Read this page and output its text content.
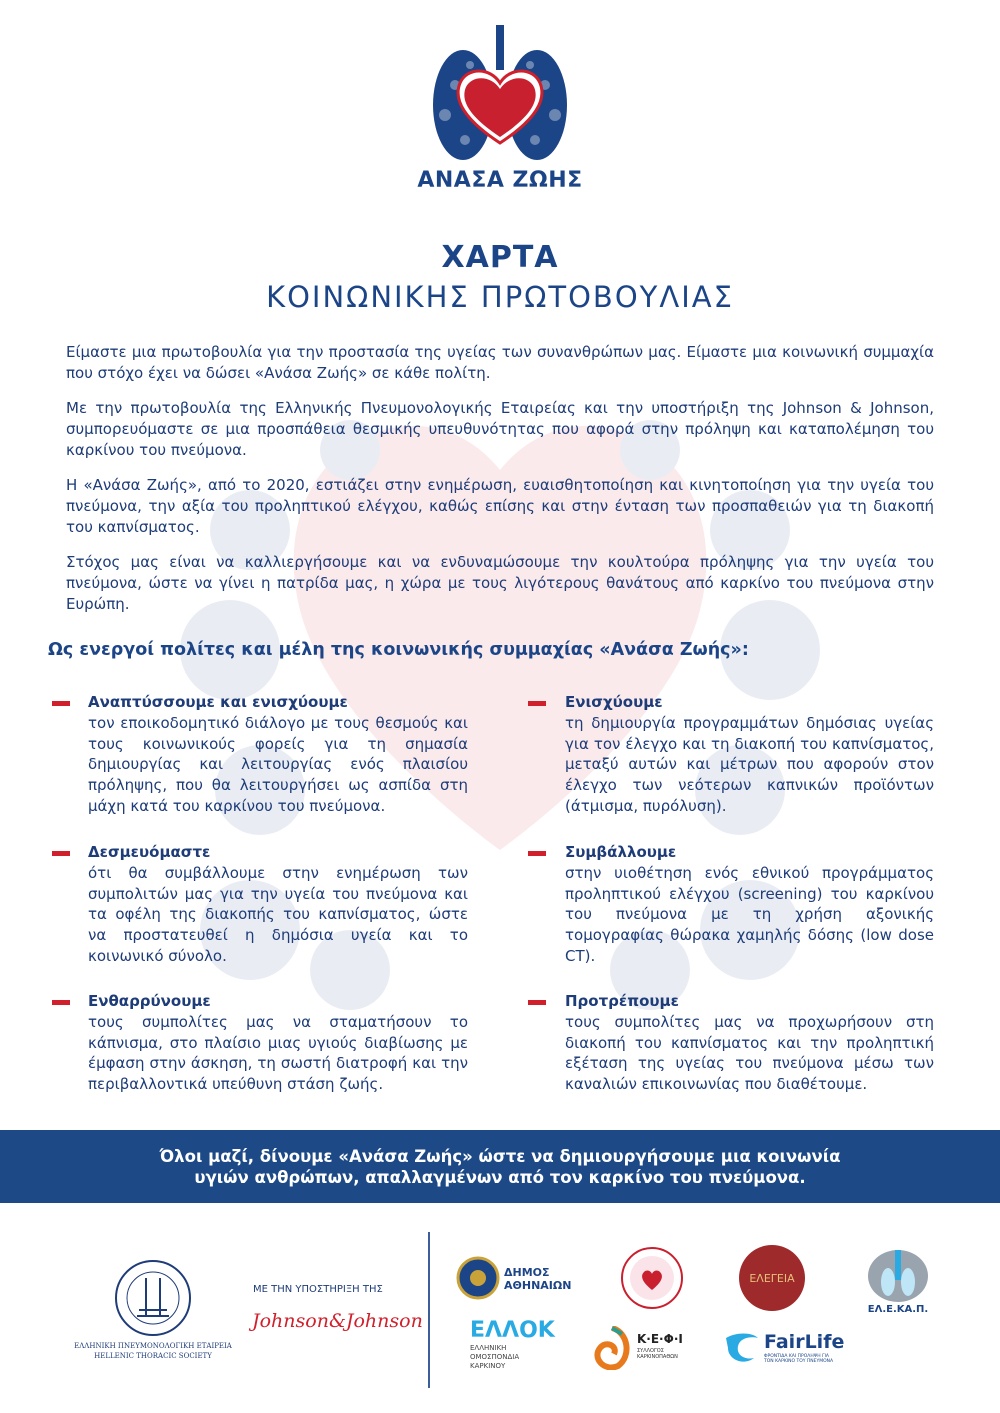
ΑΝΑΣΑ ΖΩΗΣ
ΧΑΡΤΑ
ΚΟΙΝΩΝΙΚΗΣ ΠΡΩΤΟΒΟΥΛΙΑΣ

Είμαστε μια πρωτοβουλία για την προστασία της υγείας των συνανθρώπων μας. Είμαστε μια κοινωνική συμμαχία που στόχο έχει να δώσει «Ανάσα Ζωής» σε κάθε πολίτη.

Με την πρωτοβουλία της Ελληνικής Πνευμονολογικής Εταιρείας και την υποστήριξη της Johnson & Johnson, συμπορευόμαστε σε μια προσπάθεια θεσμικής υπευθυνότητας που αφορά στην πρόληψη και καταπολέμηση του καρκίνου του πνεύμονα.

Η «Ανάσα Ζωής», από το 2020, εστιάζει στην ενημέρωση, ευαισθητοποίηση και κινητοποίηση για την υγεία του πνεύμονα, την αξία του προληπτικού ελέγχου, καθώς επίσης και στην ένταση των προσπαθειών για τη διακοπή του καπνίσματος.

Στόχος μας είναι να καλλιεργήσουμε και να ενδυναμώσουμε την κουλτούρα πρόληψης για την υγεία του πνεύμονα, ώστε να γίνει η πατρίδα μας, η χώρα με τους λιγότερους θανάτους από καρκίνο του πνεύμονα στην Ευρώπη.

Ως ενεργοί πολίτες και μέλη της κοινωνικής συμμαχίας «Ανάσα Ζωής»:
Αναπτύσσουμε και ενισχύουμε
τον εποικοδομητικό διάλογο με τους θεσμούς και τους κοινωνικούς φορείς για τη σημασία δημιουργίας και λειτουργίας ενός πλαισίου πρόληψης, που θα λειτουργήσει ως ασπίδα στη μάχη κατά του καρκίνου του πνεύμονα.
Ενισχύουμε
τη δημιουργία προγραμμάτων δημόσιας υγείας για τον έλεγχο και τη διακοπή του καπνίσματος, μεταξύ αυτών και μέτρων που αφορούν στον έλεγχο των νεότερων καπνικών προϊόντων (άτμισμα, πυρόλυση).
Δεσμευόμαστε
ότι θα συμβάλλουμε στην ενημέρωση των συμπολιτών μας για την υγεία του πνεύμονα και τα οφέλη της διακοπής του καπνίσματος, ώστε να προστατευθεί η δημόσια υγεία και το κοινωνικό σύνολο.
Συμβάλλουμε
στην υιοθέτηση ενός εθνικού προγράμματος προληπτικού ελέγχου (screening) του καρκίνου του πνεύμονα με τη χρήση αξονικής τομογραφίας θώρακα χαμηλής δόσης (low dose CT).
Ενθαρρύνουμε
τους συμπολίτες μας να σταματήσουν το κάπνισμα, στο πλαίσιο μιας υγιούς διαβίωσης με έμφαση στην άσκηση, τη σωστή διατροφή και την περιβαλλοντικά υπεύθυνη στάση ζωής.
Προτρέπουμε
τους συμπολίτες μας να προχωρήσουν στη διακοπή του καπνίσματος και την προληπτική εξέταση της υγείας του πνεύμονα μέσω των καναλιών επικοινωνίας που διαθέτουμε.
Όλοι μαζί, δίνουμε «Ανάσα Ζωής» ώστε να δημιουργήσουμε μια κοινωνία
υγιών ανθρώπων, απαλλαγμένων από τον καρκίνο του πνεύμονα.
ΕΛΛΗΝΙΚΗ ΠΝΕΥΜΟΝΟΛΟΓΙΚΗ ΕΤΑΙΡΕΙΑ
HELLENIC THORACIC SOCIETY
ΜΕ ΤΗΝ ΥΠΟΣΤΗΡΙΞΗ ΤΗΣ
Johnson&Johnson
ΔΗΜΟΣ ΑΘΗΝΑΙΩΝ
ΕΛΛΟΚ
ΕΛΛΗΝΙΚΗ ΟΜΟΣΠΟΝΔΙΑ ΚΑΡΚΙΝΟΥ
ΕΛΕΓΕΙΑ
ΕΛ.Ε.ΚΑ.Π.
Κ·Ε·Φ·Ι
ΣΥΛΛΟΓΟΣ ΚΑΡΚΙΝΟΠΑΘΩΝ
FairLife
ΦΡΟΝΤΙΔΑ ΚΑΙ ΠΡΟΛΗΨΗ ΓΙΑ ΤΟΝ ΚΑΡΚΙΝΟ ΤΟΥ ΠΝΕΥΜΟΝΑ
